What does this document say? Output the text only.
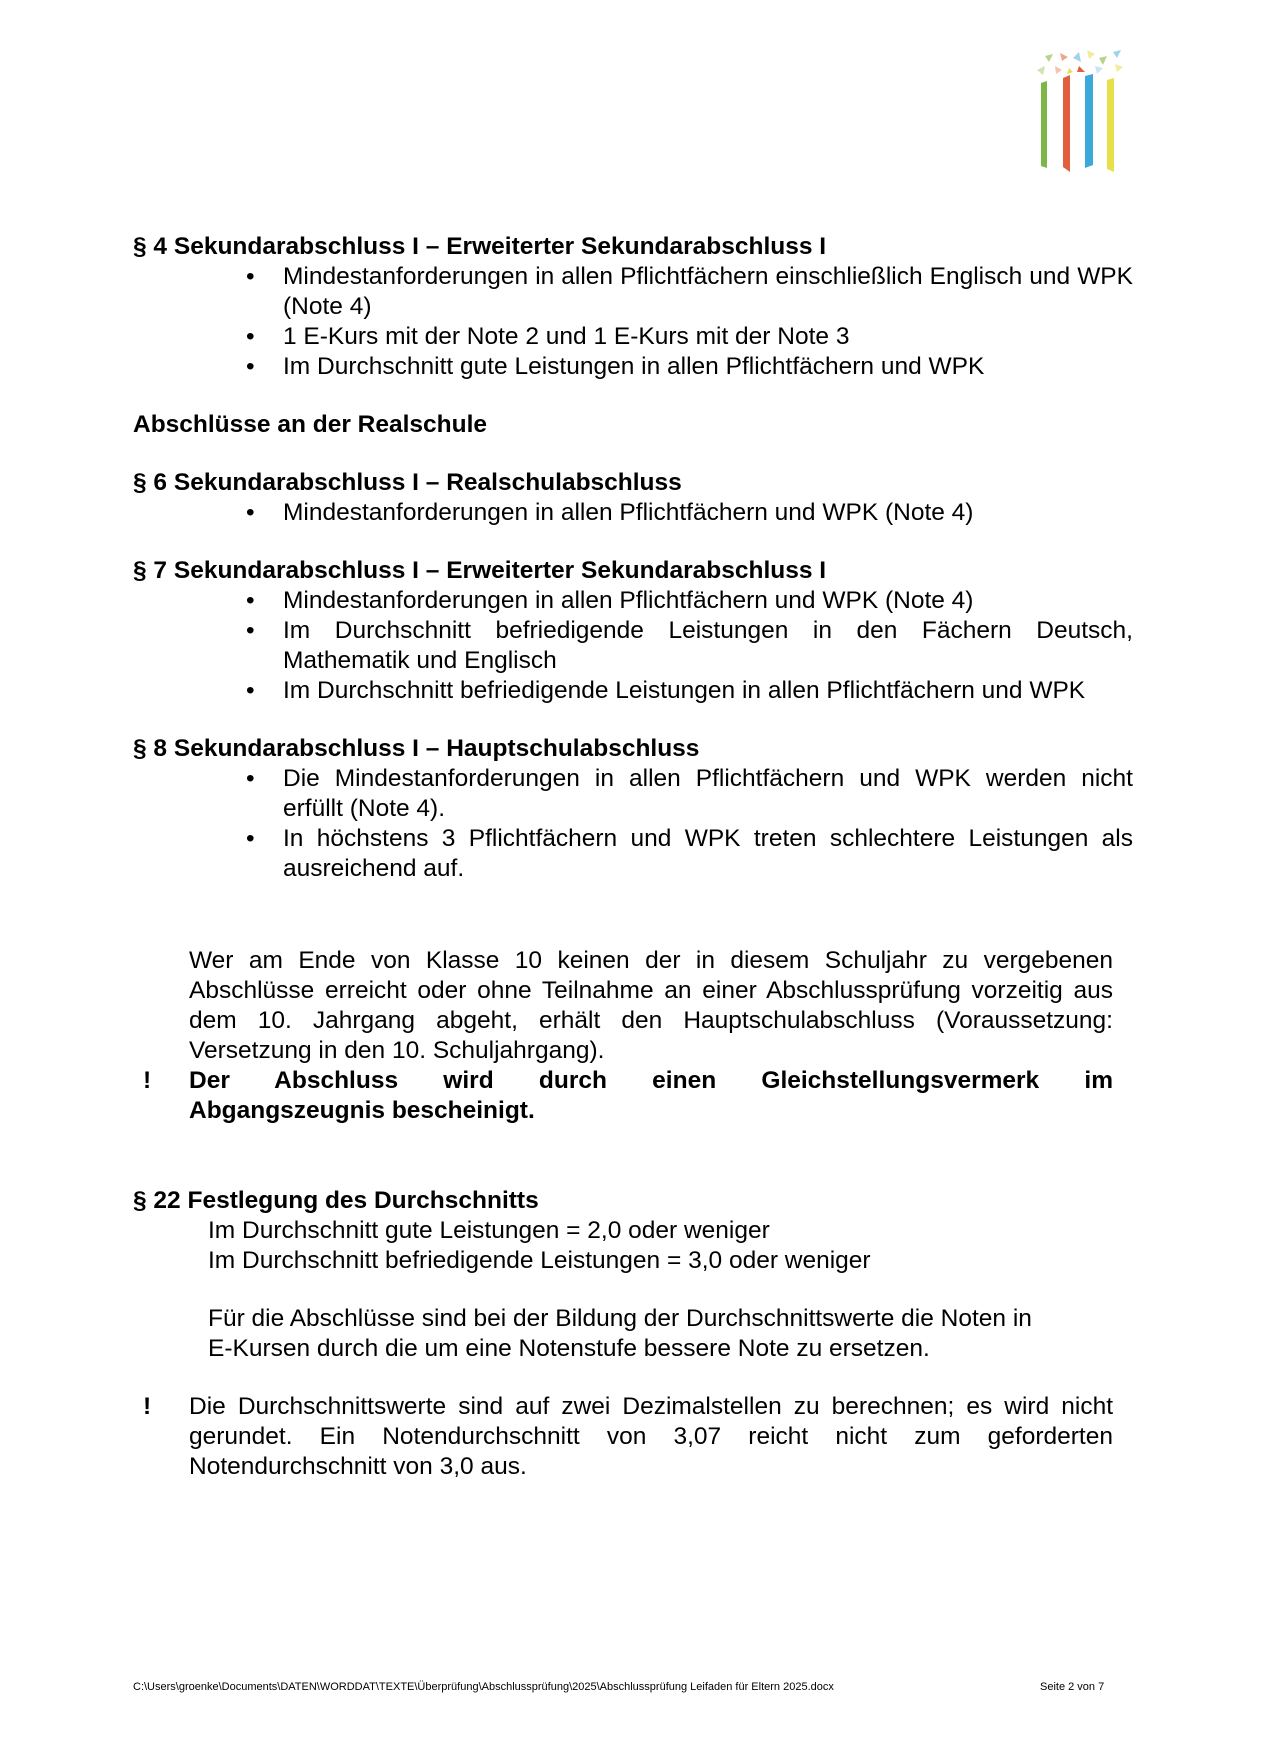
§ 4 Sekundarabschluss I – Erweiterter Sekundarabschluss I

• Mindestanforderungen in allen Pflichtfächern einschließlich Englisch und WPK (Note 4)
• 1 E-Kurs mit der Note 2 und 1 E-Kurs mit der Note 3
• Im Durchschnitt gute Leistungen in allen Pflichtfächern und WPK

Abschlüsse an der Realschule

§ 6 Sekundarabschluss I – Realschulabschluss

• Mindestanforderungen in allen Pflichtfächern und WPK (Note 4)

§ 7 Sekundarabschluss I – Erweiterter Sekundarabschluss I

• Mindestanforderungen in allen Pflichtfächern und WPK (Note 4)
• Im Durchschnitt befriedigende Leistungen in den Fächern Deutsch, Mathematik und Englisch
• Im Durchschnitt befriedigende Leistungen in allen Pflichtfächern und WPK

§ 8 Sekundarabschluss I – Hauptschulabschluss

• Die Mindestanforderungen in allen Pflichtfächern und WPK werden nicht erfüllt (Note 4).
• In höchstens 3 Pflichtfächern und WPK treten schlechtere Leistungen als ausreichend auf.

Wer am Ende von Klasse 10 keinen der in diesem Schuljahr zu vergebenen Abschlüsse erreicht oder ohne Teilnahme an einer Abschlussprüfung vorzeitig aus dem 10. Jahrgang abgeht, erhält den Hauptschulabschluss (Voraussetzung: Versetzung in den 10. Schuljahrgang).

! Der Abschluss wird durch einen Gleichstellungsvermerk im
Abgangszeugnis bescheinigt.

§ 22 Festlegung des Durchschnitts

Im Durchschnitt gute Leistungen = 2,0 oder weniger
Im Durchschnitt befriedigende Leistungen = 3,0 oder weniger
Für die Abschlüsse sind bei der Bildung der Durchschnittswerte die Noten in
E-Kursen durch die um eine Notenstufe bessere Note zu ersetzen.
! Die Durchschnittswerte sind auf zwei Dezimalstellen zu berechnen; es wird nicht gerundet. Ein Notendurchschnitt von 3,07 reicht nicht zum geforderten Notendurchschnitt von 3,0 aus.
C:\Users\groenke\Documents\DATEN\WORDDAT\TEXTE\Überprüfung\Abschlussprüfung\2025\Abschlussprüfung Leifaden für Eltern 2025.docx	Seite 2 von 7
